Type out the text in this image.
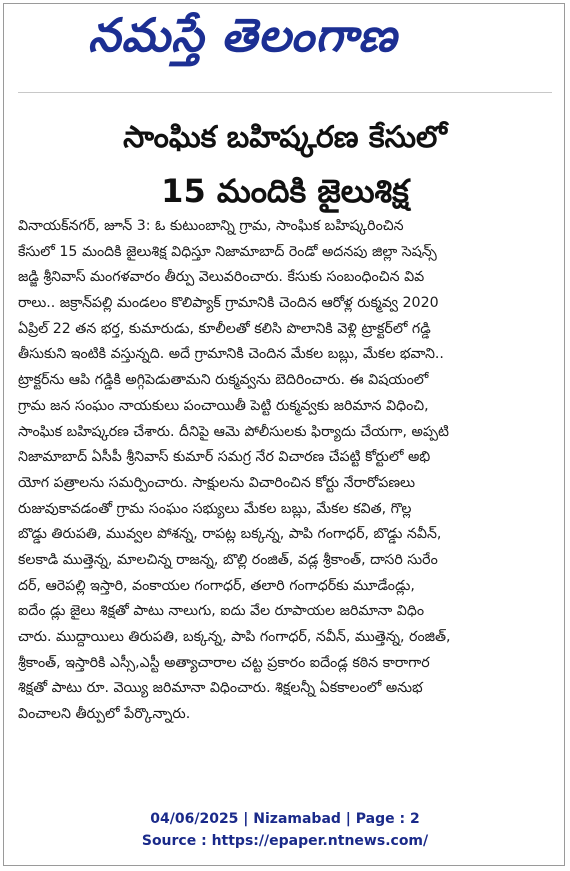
నమస్తే తెలంగాణ
సాంఘిక బహిష్కరణ కేసులో
15 మందికి జైలుశిక్ష
వినాయక్‌నగర్, జూన్ 3: ఓ కుటుంబాన్ని గ్రామ, సాంఘిక బహిష్కరించిన
కేసులో 15 మందికి జైలుశిక్ష విధిస్తూ నిజామాబాద్ రెండో అదనపు జిల్లా సెషన్స్
జడ్జి శ్రీనివాస్ మంగళవారం తీర్పు వెలువరించారు. కేసుకు సంబంధించిన వివ
రాలు.. జక్రాన్‌పల్లి మండలం కొలిప్యాక్ గ్రామానికి చెందిన ఆరోళ్ల రుక్మవ్వ 2020
ఏప్రిల్ 22 తన భర్త, కుమారుడు, కూలీలతో కలిసి పొలానికి వెళ్లి ట్రాక్టర్‌లో గడ్డి
తీసుకుని ఇంటికి వస్తున్నది. అదే గ్రామానికి చెందిన మేకల బబ్లు, మేకల భవాని..
ట్రాక్టర్‌ను ఆపి గడ్డికి అగ్గిపెడుతామని రుక్మవ్వను బెదిరించారు. ఈ విషయంలో
గ్రామ జన సంఘం నాయకులు పంచాయితీ పెట్టి రుక్మవ్వకు జరిమాన విధించి,
సాంఘిక బహిష్కరణ చేశారు. దీనిపై ఆమె పోలీసులకు ఫిర్యాదు చేయగా, అప్పటి
నిజామాబాద్ ఏసీపీ శ్రీనివాస్ కుమార్ సమగ్ర నేర విచారణ చేపట్టి కోర్టులో అభి
యోగ పత్రాలను సమర్పించారు. సాక్షులను విచారించిన కోర్టు నేరారోపణలు
రుజువుకావడంతో గ్రామ సంఘం సభ్యులు మేకల బబ్లు, మేకల కవిత, గొల్ల
బొడ్డు తిరుపతి, మువ్వల పోశన్న, రాపట్ల బక్కన్న, పాపి గంగాధర్, బొడ్డు నవీన్,
కలకాడి ముత్తెన్న, మాలచిన్న రాజన్న, బొల్లి రంజిత్, వడ్ల శ్రీకాంత్, దాసరి సురేం
దర్, ఆరెపల్లి ఇస్తారి, వంకాయల గంగాధర్, తలారి గంగాధర్‌కు మూడేండ్లు,
ఐదేం డ్లు జైలు శిక్షతో పాటు నాలుగు, ఐదు వేల రూపాయల జరిమానా విధిం
చారు. ముద్దాయిలు తిరుపతి, బక్కన్న, పాపి గంగాధర్, నవీన్, ముత్తెన్న, రంజిత్,
శ్రీకాంత్, ఇస్తారికి ఎస్సీ,ఎస్టీ అత్యాచారాల చట్ట ప్రకారం ఐదేండ్ల కఠిన కారాగార
శిక్షతో పాటు రూ. వెయ్యి జరిమానా విధించారు. శిక్షలన్నీ ఏకకాలంలో అనుభ
వించాలని తీర్పులో పేర్కొన్నారు.
04/06/2025 | Nizamabad | Page : 2
Source : https://epaper.ntnews.com/
